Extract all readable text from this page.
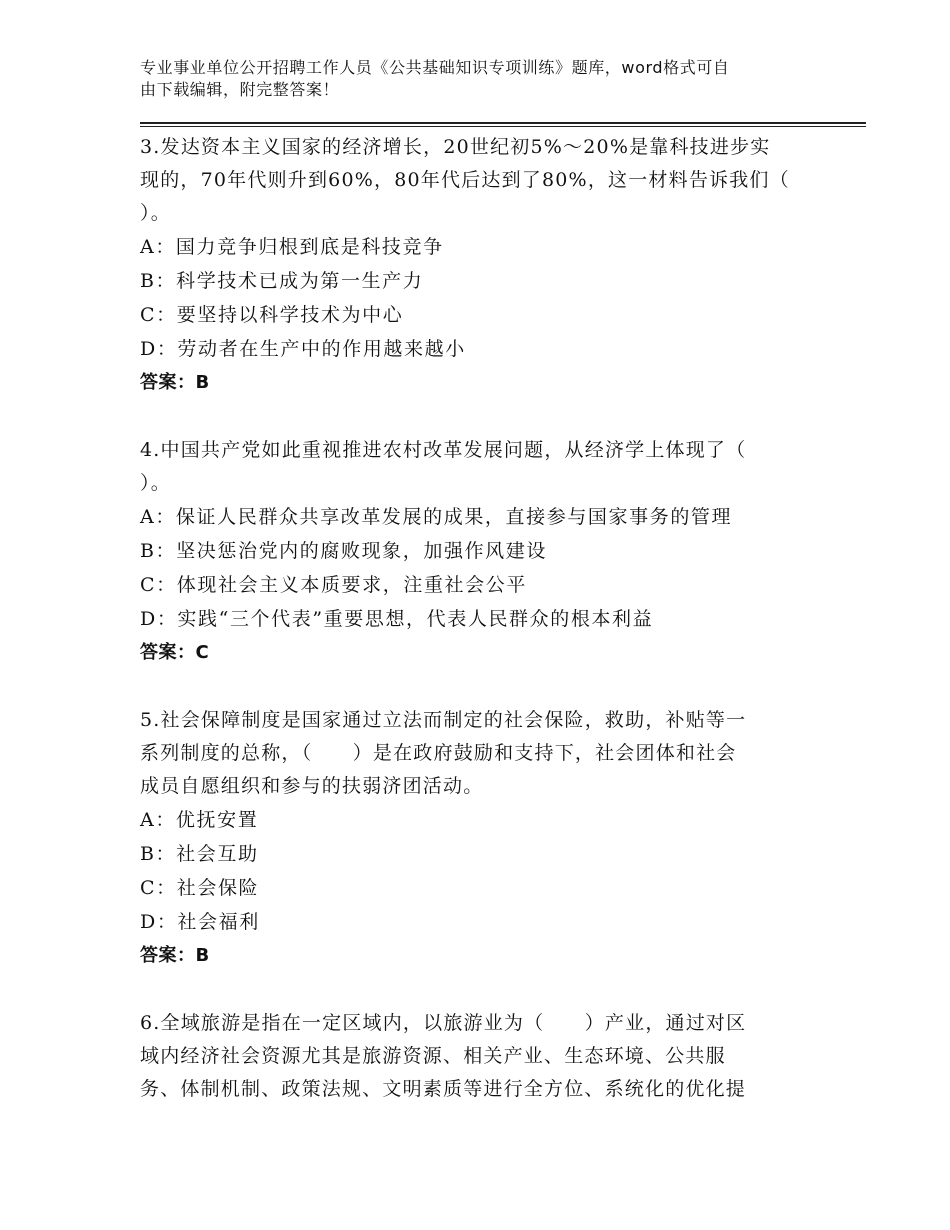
专业事业单位公开招聘工作人员《公共基础知识专项训练》题库，word格式可自
由下载编辑，附完整答案！

3.发达资本主义国家的经济增长，20世纪初5%～20%是靠科技进步实

现的，70年代则升到60%，80年代后达到了80%，这一材料告诉我们（

）。

A：国力竞争归根到底是科技竞争

B：科学技术已成为第一生产力

C：要坚持以科学技术为中心

D：劳动者在生产中的作用越来越小

答案：B

4.中国共产党如此重视推进农村改革发展问题，从经济学上体现了（

）。

A：保证人民群众共享改革发展的成果，直接参与国家事务的管理

B：坚决惩治党内的腐败现象，加强作风建设

C：体现社会主义本质要求，注重社会公平

D：实践“三个代表”重要思想，代表人民群众的根本利益

答案：C

5.社会保障制度是国家通过立法而制定的社会保险，救助，补贴等一

系列制度的总称，（　　）是在政府鼓励和支持下，社会团体和社会

成员自愿组织和参与的扶弱济团活动。

A：优抚安置

B：社会互助

C：社会保险

D：社会福利

答案：B

6.全域旅游是指在一定区域内，以旅游业为（　　）产业，通过对区

域内经济社会资源尤其是旅游资源、相关产业、生态环境、公共服

务、体制机制、政策法规、文明素质等进行全方位、系统化的优化提
